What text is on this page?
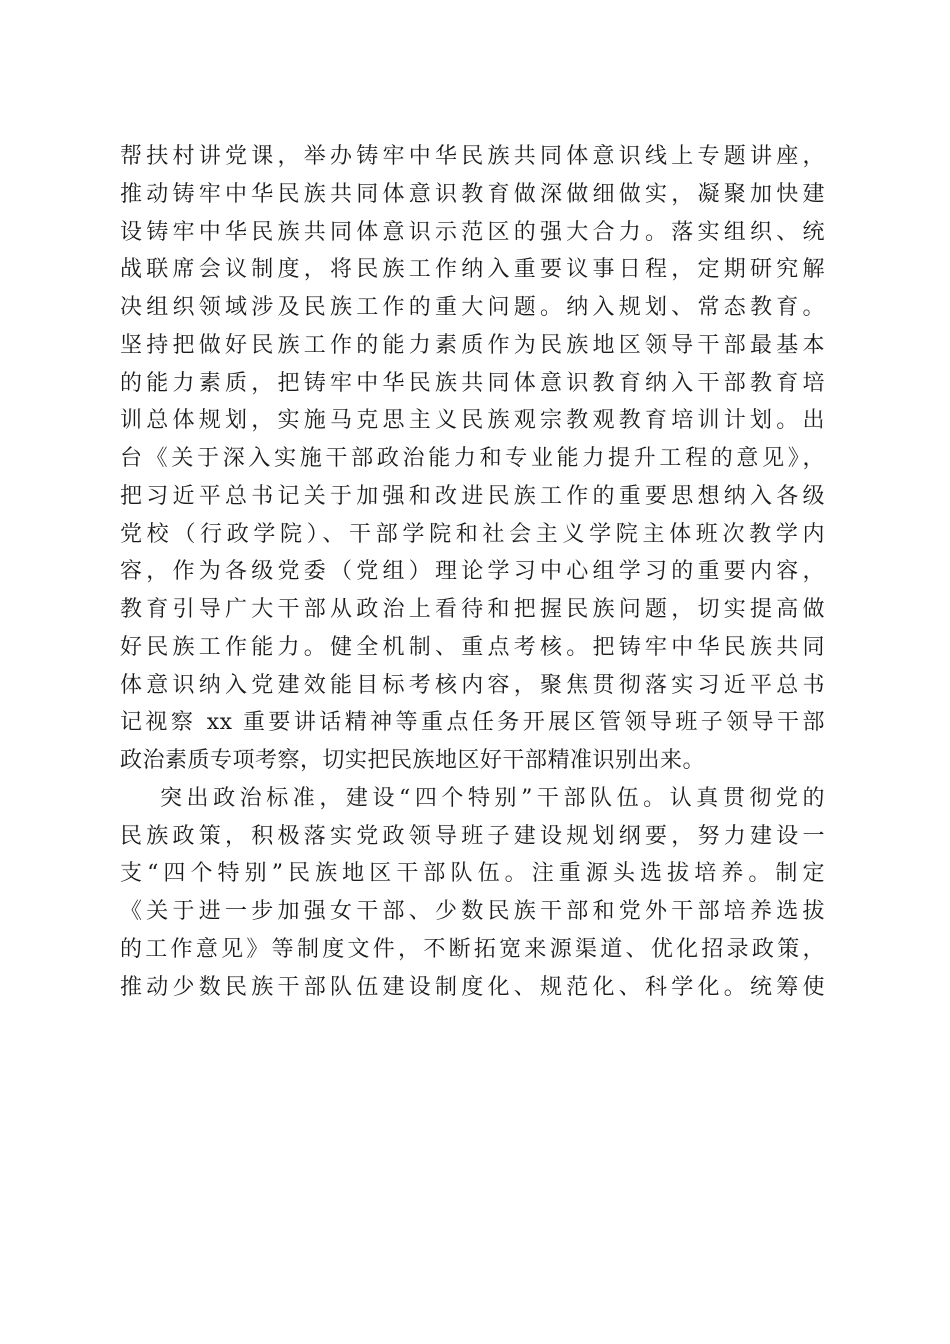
帮扶村讲党课，举办铸牢中华民族共同体意识线上专题讲座，
推动铸牢中华民族共同体意识教育做深做细做实，凝聚加快建
设铸牢中华民族共同体意识示范区的强大合力。落实组织、统
战联席会议制度，将民族工作纳入重要议事日程，定期研究解
决组织领域涉及民族工作的重大问题。纳入规划、常态教育。
坚持把做好民族工作的能力素质作为民族地区领导干部最基本
的能力素质，把铸牢中华民族共同体意识教育纳入干部教育培
训总体规划，实施马克思主义民族观宗教观教育培训计划。出
台《关于深入实施干部政治能力和专业能力提升工程的意见》，
把习近平总书记关于加强和改进民族工作的重要思想纳入各级
党校（行政学院）、干部学院和社会主义学院主体班次教学内
容，作为各级党委（党组）理论学习中心组学习的重要内容，
教育引导广大干部从政治上看待和把握民族问题，切实提高做
好民族工作能力。健全机制、重点考核。把铸牢中华民族共同
体意识纳入党建效能目标考核内容，聚焦贯彻落实习近平总书
记视察 xx 重要讲话精神等重点任务开展区管领导班子领导干部
政治素质专项考察，切实把民族地区好干部精准识别出来。
突出政治标准，建设“四个特别”干部队伍。认真贯彻党的
民族政策，积极落实党政领导班子建设规划纲要，努力建设一
支“四个特别”民族地区干部队伍。注重源头选拔培养。制定
《关于进一步加强女干部、少数民族干部和党外干部培养选拔
的工作意见》等制度文件，不断拓宽来源渠道、优化招录政策，
推动少数民族干部队伍建设制度化、规范化、科学化。统筹使
